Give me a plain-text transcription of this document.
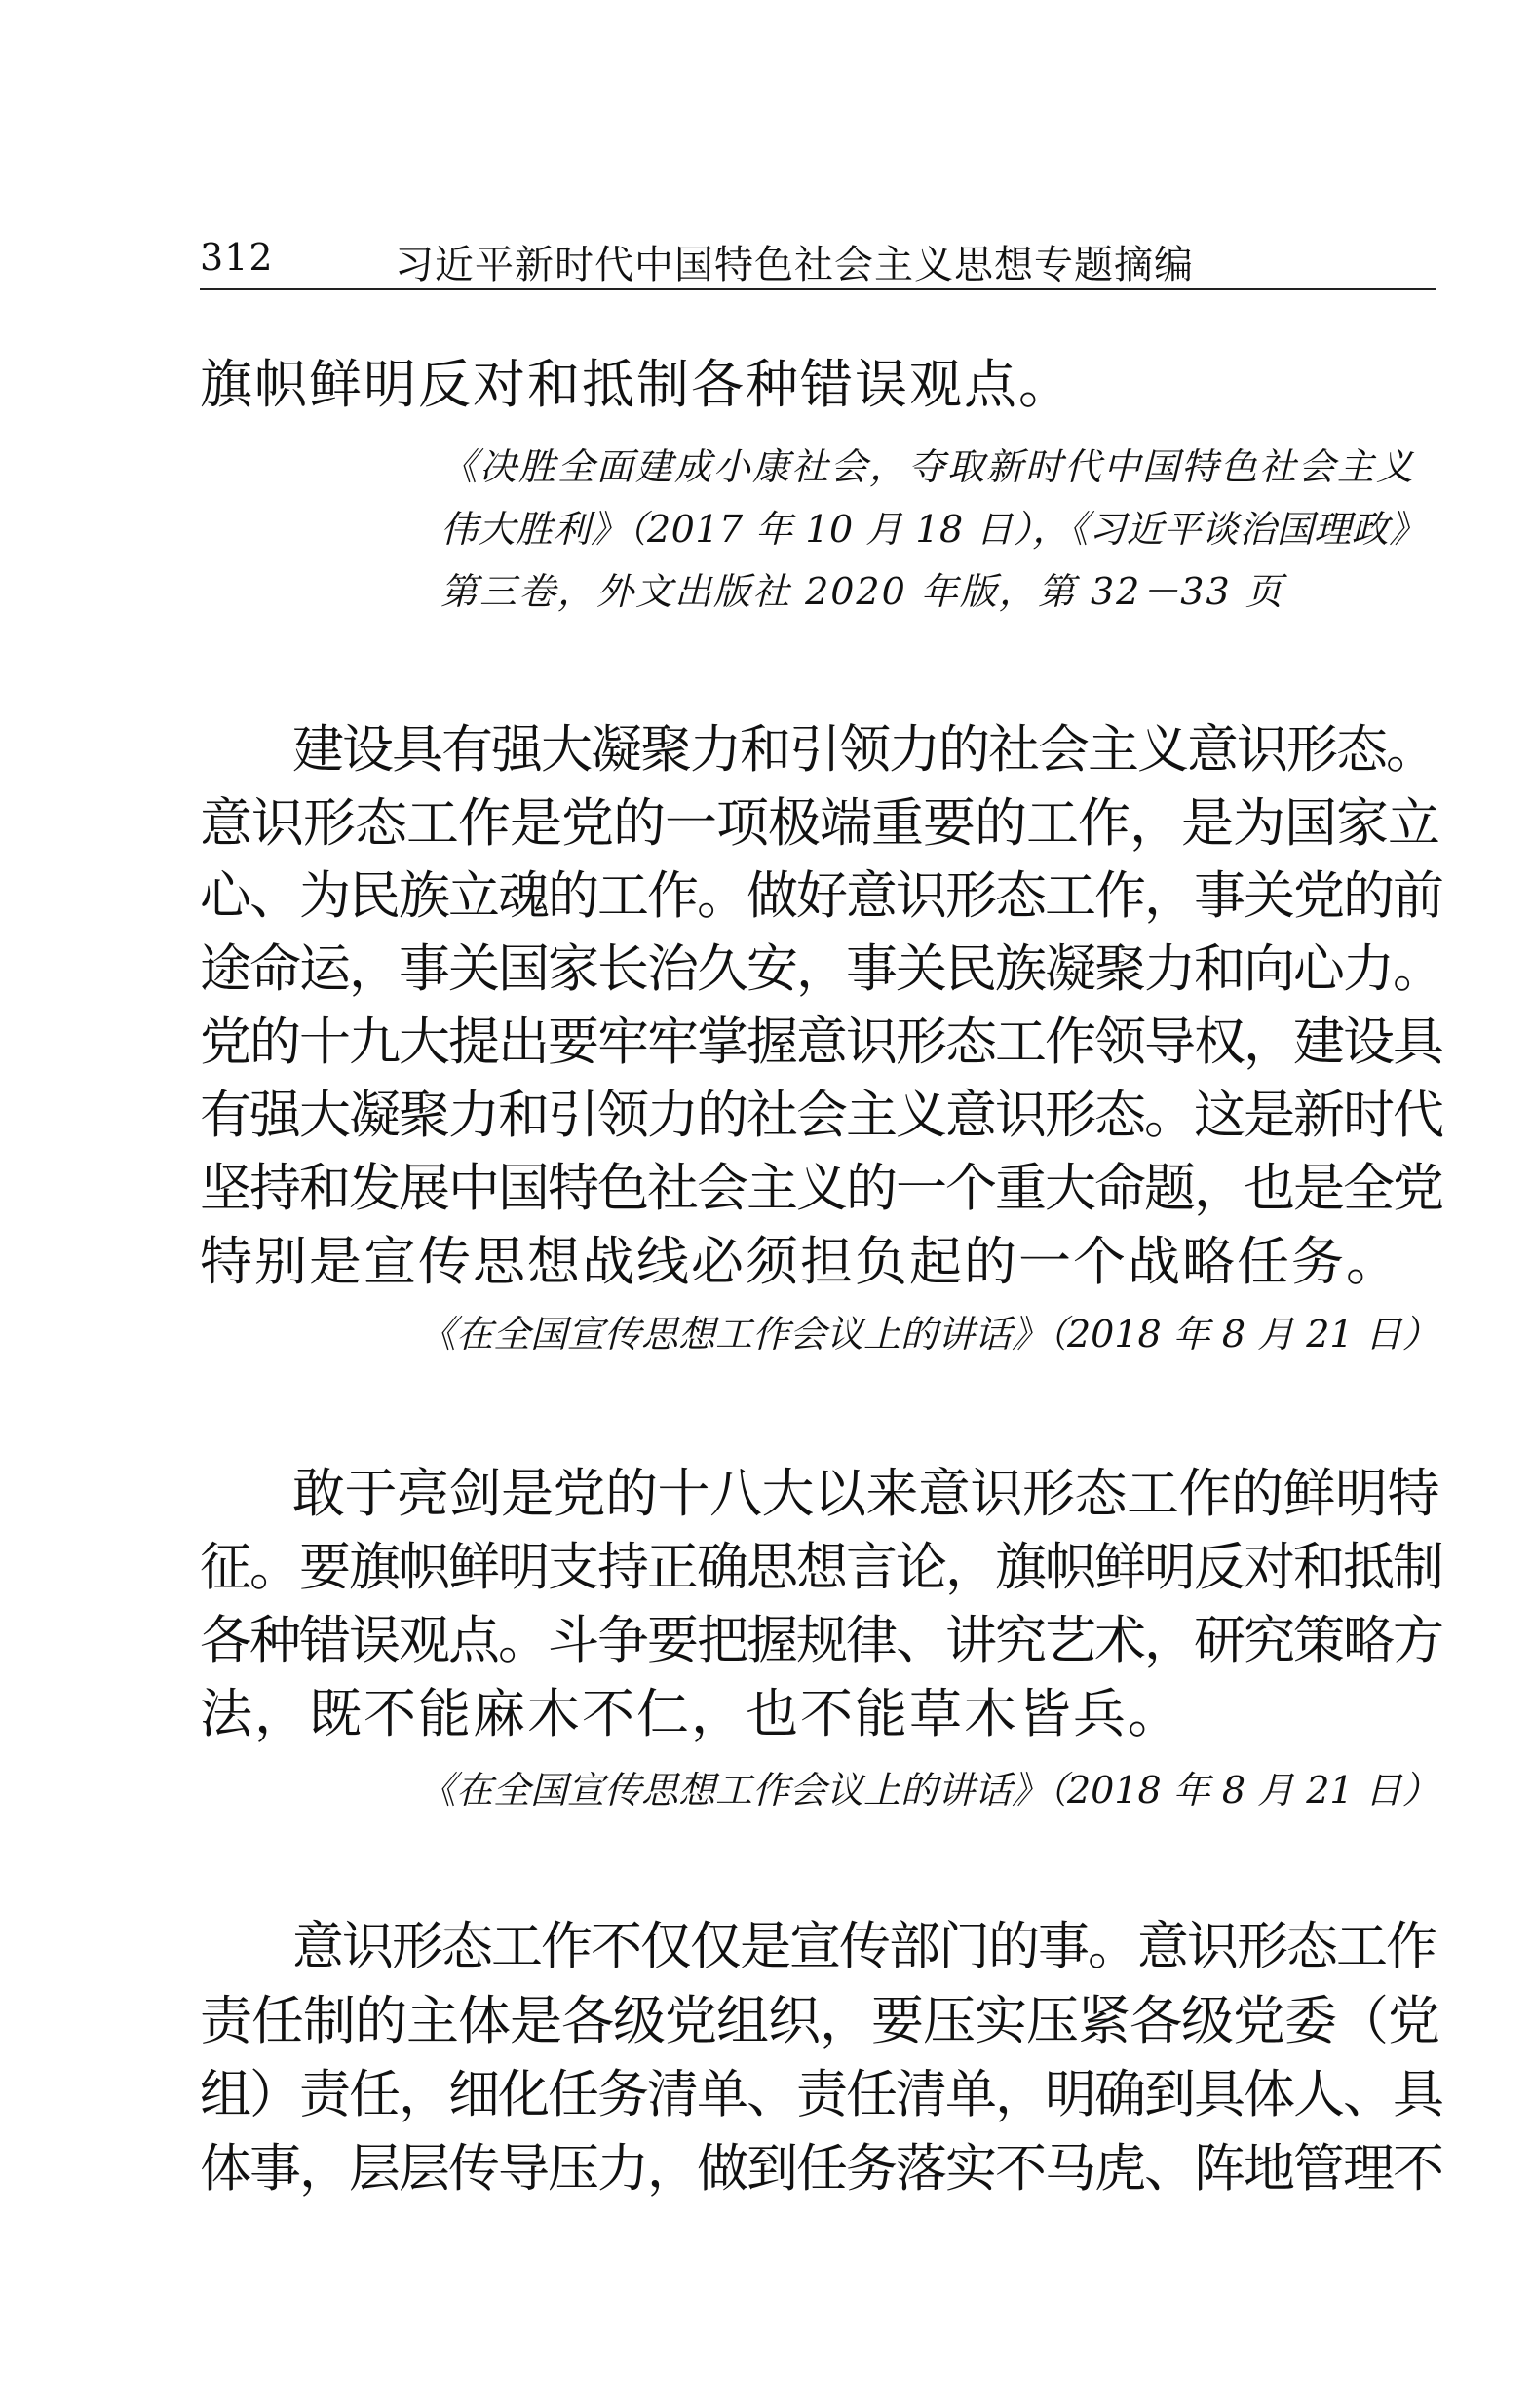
312	习近平新时代中国特色社会主义思想专题摘编
旗帜鲜明反对和抵制各种错误观点。
《决胜全面建成小康社会，夺取新时代中国特色社会主义
伟大胜利》（2017 年 10 月 18 日），《习近平谈治国理政》
第三卷，外文出版社 2020 年版，第 32－33 页
建设具有强大凝聚力和引领力的社会主义意识形态。
意识形态工作是党的一项极端重要的工作，是为国家立
心、为民族立魂的工作。做好意识形态工作，事关党的前
途命运，事关国家长治久安，事关民族凝聚力和向心力。
党的十九大提出要牢牢掌握意识形态工作领导权，建设具
有强大凝聚力和引领力的社会主义意识形态。这是新时代
坚持和发展中国特色社会主义的一个重大命题，也是全党
特别是宣传思想战线必须担负起的一个战略任务。
《在全国宣传思想工作会议上的讲话》（2018 年 8 月 21 日）
敢于亮剑是党的十八大以来意识形态工作的鲜明特
征。要旗帜鲜明支持正确思想言论，旗帜鲜明反对和抵制
各种错误观点。斗争要把握规律、讲究艺术，研究策略方
法，既不能麻木不仁，也不能草木皆兵。
《在全国宣传思想工作会议上的讲话》（2018 年 8 月 21 日）
意识形态工作不仅仅是宣传部门的事。意识形态工作
责任制的主体是各级党组织，要压实压紧各级党委（党
组）责任，细化任务清单、责任清单，明确到具体人、具
体事，层层传导压力，做到任务落实不马虎、阵地管理不
